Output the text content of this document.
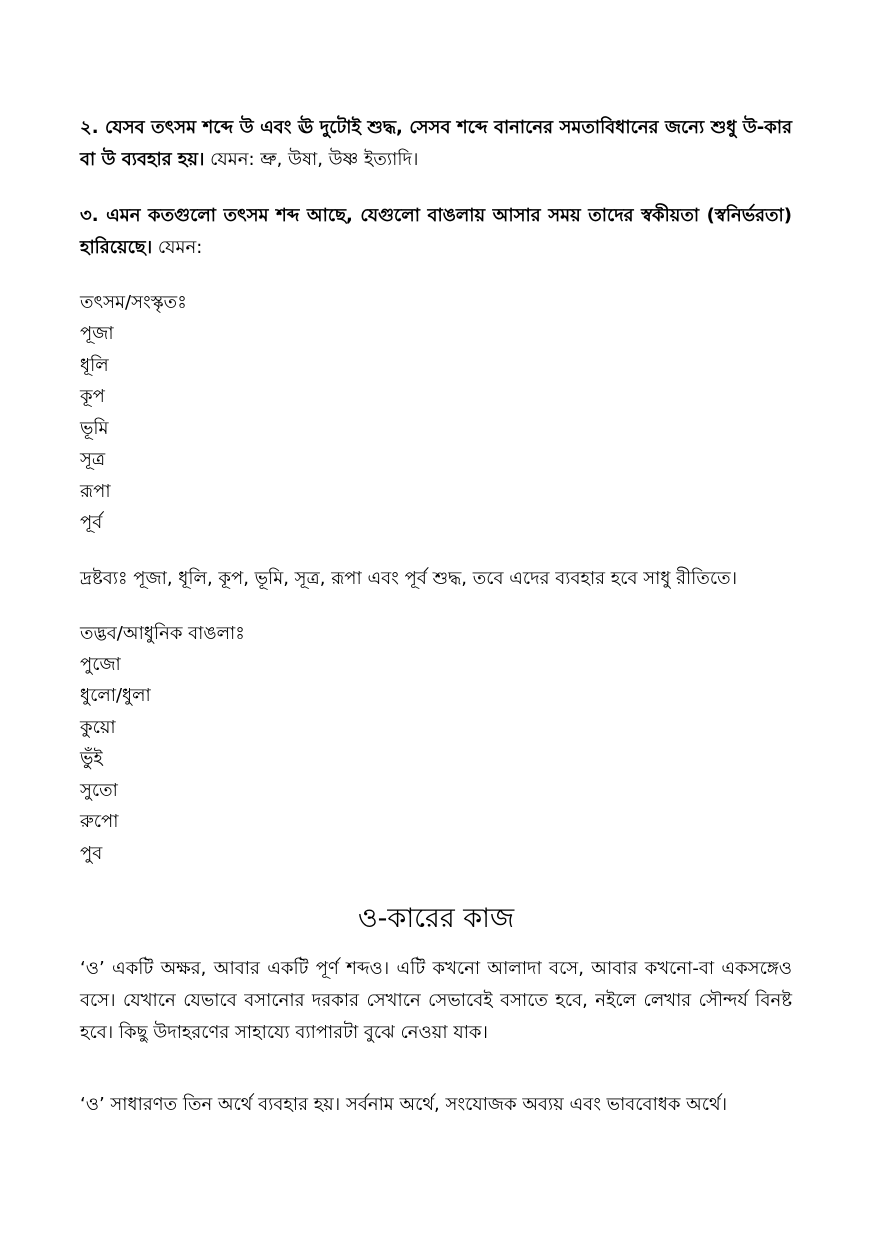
২. যেসব তৎসম শব্দে উ এবং ঊ দুটোই শুদ্ধ, সেসব শব্দে বানানের সমতাবিধানের জন্যে শুধু উ-কার বা উ ব্যবহার হয়। যেমন: ভ্রু, উষা, উষ্ণ ইত্যাদি।

৩. এমন কতগুলো তৎসম শব্দ আছে, যেগুলো বাঙলায় আসার সময় তাদের স্বকীয়তা (স্বনির্ভরতা) হারিয়েছে। যেমন:

তৎসম/সংস্কৃতঃ

পূজা
ধূলি
কূপ
ভূমি
সূত্র
রূপা
পূর্ব

দ্রষ্টব্যঃ পূজা, ধূলি, কূপ, ভূমি, সূত্র, রূপা এবং পূর্ব শুদ্ধ, তবে এদের ব্যবহার হবে সাধু রীতিতে।

তদ্ভব/আধুনিক বাঙলাঃ

পুজো
ধুলো/ধুলা
কুয়ো
ভুঁই
সুতো
রুপো
পুব
ও-কারের কাজ

‘ও’ একটি অক্ষর, আবার একটি পূর্ণ শব্দও। এটি কখনো আলাদা বসে, আবার কখনো-বা একসঙ্গেও বসে। যেখানে যেভাবে বসানোর দরকার সেখানে সেভাবেই বসাতে হবে, নইলে লেখার সৌন্দর্য বিনষ্ট হবে। কিছু উদাহরণের সাহায্যে ব্যাপারটা বুঝে নেওয়া যাক।

‘ও’ সাধারণত তিন অর্থে ব্যবহার হয়। সর্বনাম অর্থে, সংযোজক অব্যয় এবং ভাববোধক অর্থে।
